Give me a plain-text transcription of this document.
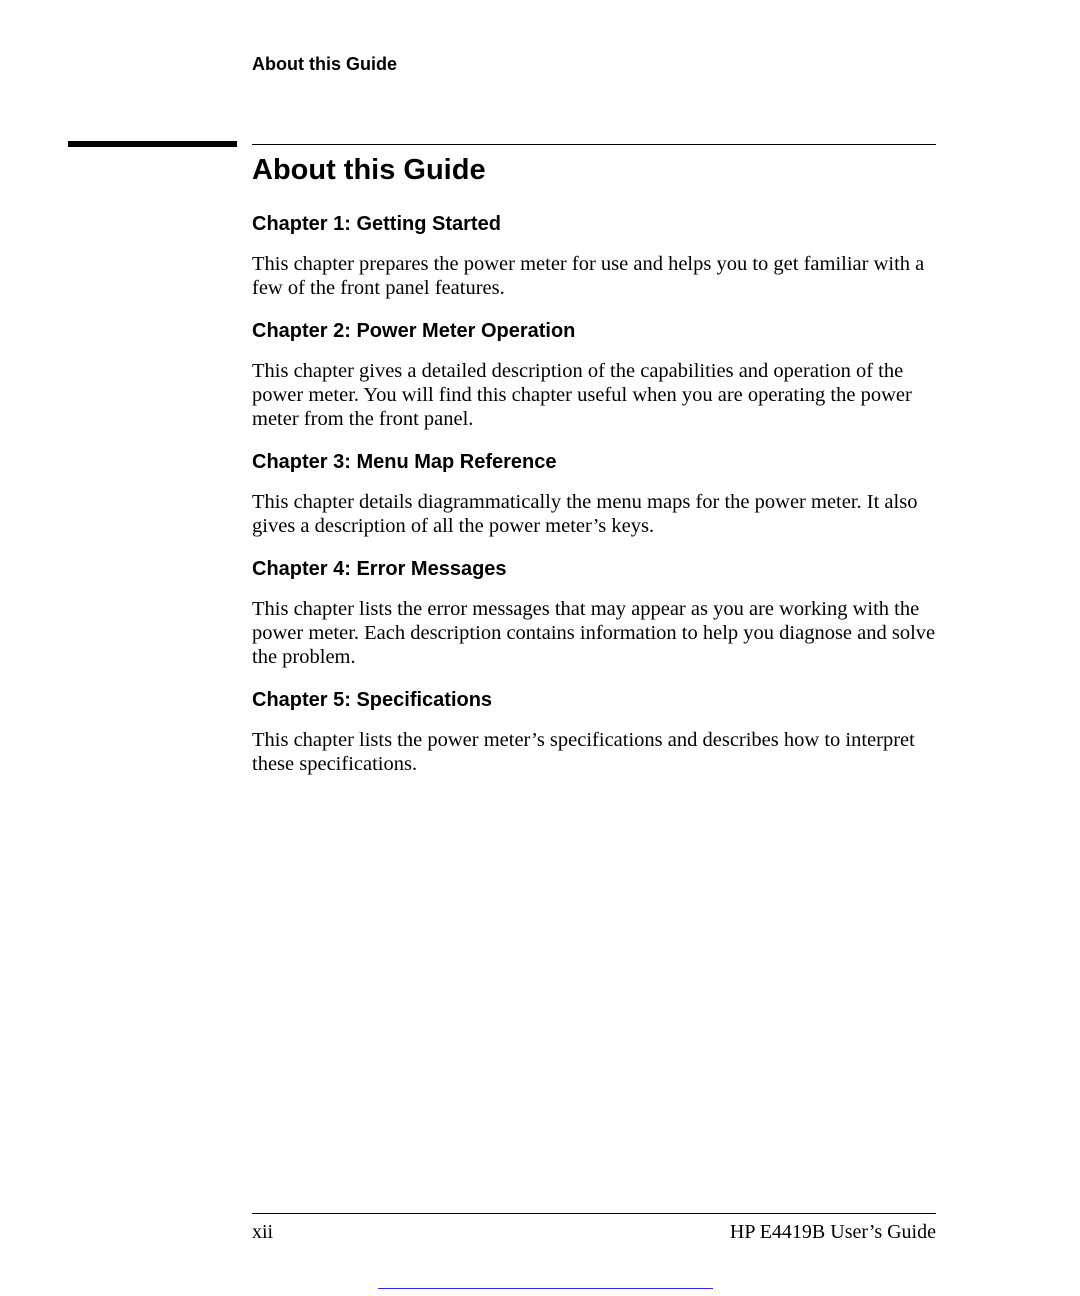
About this Guide
About this Guide
Chapter 1: Getting Started

This chapter prepares the power meter for use and helps you to get familiar with a few of the front panel features.

Chapter 2: Power Meter Operation

This chapter gives a detailed description of the capabilities and operation of the power meter. You will find this chapter useful when you are operating the power meter from the front panel.

Chapter 3: Menu Map Reference

This chapter details diagrammatically the menu maps for the power meter. It also gives a description of all the power meter’s keys.

Chapter 4: Error Messages

This chapter lists the error messages that may appear as you are working with the power meter. Each description contains information to help you diagnose and solve the problem.

Chapter 5: Specifications

This chapter lists the power meter’s specifications and describes how to interpret these specifications.

xii	HP E4419B User’s Guide
